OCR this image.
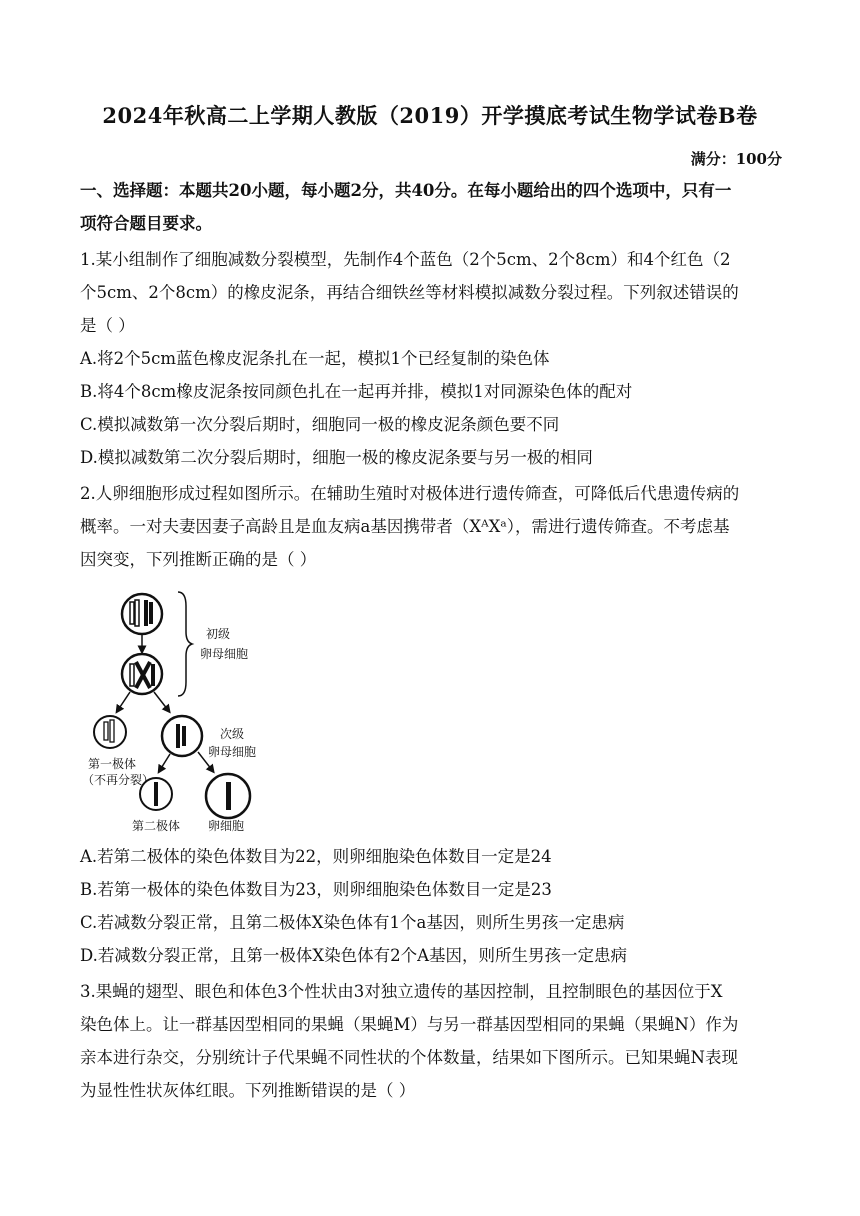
2024年秋高二上学期人教版（2019）开学摸底考试生物学试卷B卷
满分：100分
一、选择题：本题共20小题，每小题2分，共40分。在每小题给出的四个选项中，只有一
项符合题目要求。
1.某小组制作了细胞减数分裂模型，先制作4个蓝色（2个5cm、2个8cm）和4个红色（2
个5cm、2个8cm）的橡皮泥条，再结合细铁丝等材料模拟减数分裂过程。下列叙述错误的
是（ ）
A.将2个5cm蓝色橡皮泥条扎在一起，模拟1个已经复制的染色体
B.将4个8cm橡皮泥条按同颜色扎在一起再并排，模拟1对同源染色体的配对
C.模拟减数第一次分裂后期时，细胞同一极的橡皮泥条颜色要不同
D.模拟减数第二次分裂后期时，细胞一极的橡皮泥条要与另一极的相同
2.人卵细胞形成过程如图所示。在辅助生殖时对极体进行遗传筛查，可降低后代患遗传病的
概率。一对夫妻因妻子高龄且是血友病a基因携带者（XᴬXᵃ），需进行遗传筛查。不考虑基
因突变，下列推断正确的是（ ）
初级
卵母细胞
第一极体
（不再分裂）
次级
卵母细胞
第二极体 卵细胞
A.若第二极体的染色体数目为22，则卵细胞染色体数目一定是24
B.若第一极体的染色体数目为23，则卵细胞染色体数目一定是23
C.若减数分裂正常，且第二极体X染色体有1个a基因，则所生男孩一定患病
D.若减数分裂正常，且第一极体X染色体有2个A基因，则所生男孩一定患病
3.果蝇的翅型、眼色和体色3个性状由3对独立遗传的基因控制，且控制眼色的基因位于X
染色体上。让一群基因型相同的果蝇（果蝇M）与另一群基因型相同的果蝇（果蝇N）作为
亲本进行杂交，分别统计子代果蝇不同性状的个体数量，结果如下图所示。已知果蝇N表现
为显性性状灰体红眼。下列推断错误的是（ ）
